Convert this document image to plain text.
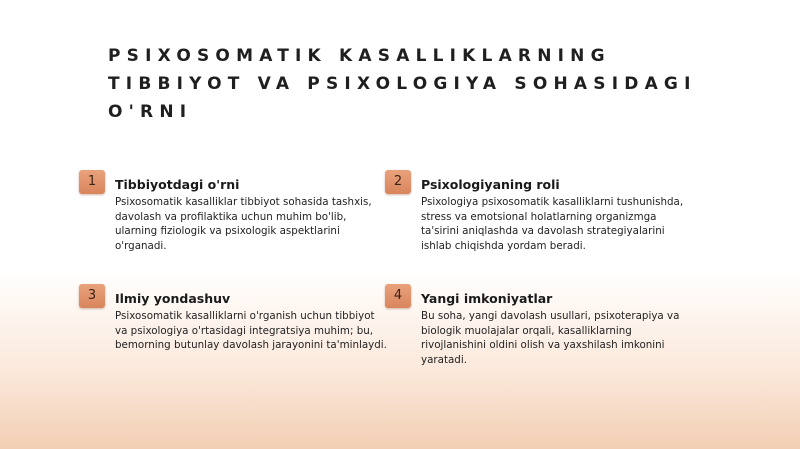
PSIXOSOMATIK KASALLIKLARNING
TIBBIYOT VA PSIXOLOGIYA SOHASIDAGI
O'RNI
1	Tibbiyotdagi o'rni
Psixosomatik kasalliklar tibbiyot sohasida tashxis, davolash va profilaktika uchun muhim bo'lib, ularning fiziologik va psixologik aspektlarini o'rganadi.
2	Psixologiyaning roli
Psixologiya psixosomatik kasalliklarni tushunishda, stress va emotsional holatlarning organizmga ta'sirini aniqlashda va davolash strategiyalarini ishlab chiqishda yordam beradi.
3	Ilmiy yondashuv
Psixosomatik kasalliklarni o'rganish uchun tibbiyot va psixologiya o'rtasidagi integratsiya muhim; bu, bemorning butunlay davolash jarayonini ta'minlaydi.
4	Yangi imkoniyatlar
Bu soha, yangi davolash usullari, psixoterapiya va biologik muolajalar orqali, kasalliklarning rivojlanishini oldini olish va yaxshilash imkonini yaratadi.
